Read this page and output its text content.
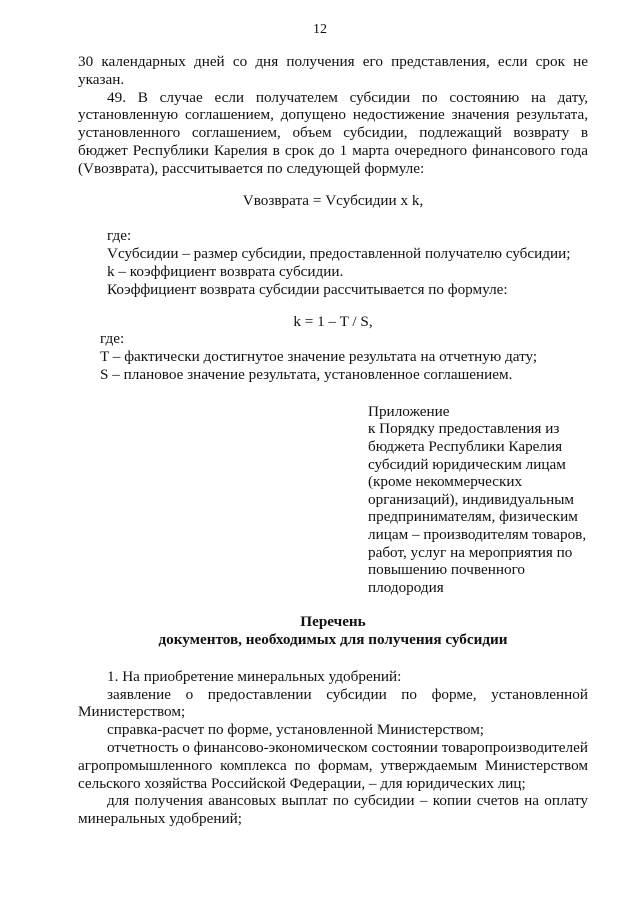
12

30 календарных дней со дня получения его представления, если срок не указан.

49. В случае если получателем субсидии по состоянию на дату, установленную соглашением, допущено недостижение значения результата, установленного соглашением, объем субсидии, подлежащий возврату в бюджет Республики Карелия в срок до 1 марта очередного финансового года (Vвозврата), рассчитывается по следующей формуле:

Vвозврата = Vсубсидии x k,

где:

Vсубсидии – размер субсидии, предоставленной получателю субсидии;

k – коэффициент возврата субсидии.

Коэффициент возврата субсидии рассчитывается по формуле:

k = 1 – T / S,

где:

T – фактически достигнутое значение результата на отчетную дату;

S – плановое значение результата, установленное соглашением.

Приложение
к Порядку предоставления из
бюджета Республики Карелия
субсидий юридическим лицам
(кроме некоммерческих
организаций), индивидуальным
предпринимателям, физическим
лицам – производителям товаров,
работ, услуг на мероприятия по
повышению почвенного
плодородия

Перечень

документов, необходимых для получения субсидии

1. На приобретение минеральных удобрений:

заявление о предоставлении субсидии по форме, установленной Министерством;

справка-расчет по форме, установленной Министерством;

отчетность о финансово-экономическом состоянии товаропроизводителей агропромышленного комплекса по формам, утверждаемым Министерством сельского хозяйства Российской Федерации, – для юридических лиц;

для получения авансовых выплат по субсидии – копии счетов на оплату минеральных удобрений;
